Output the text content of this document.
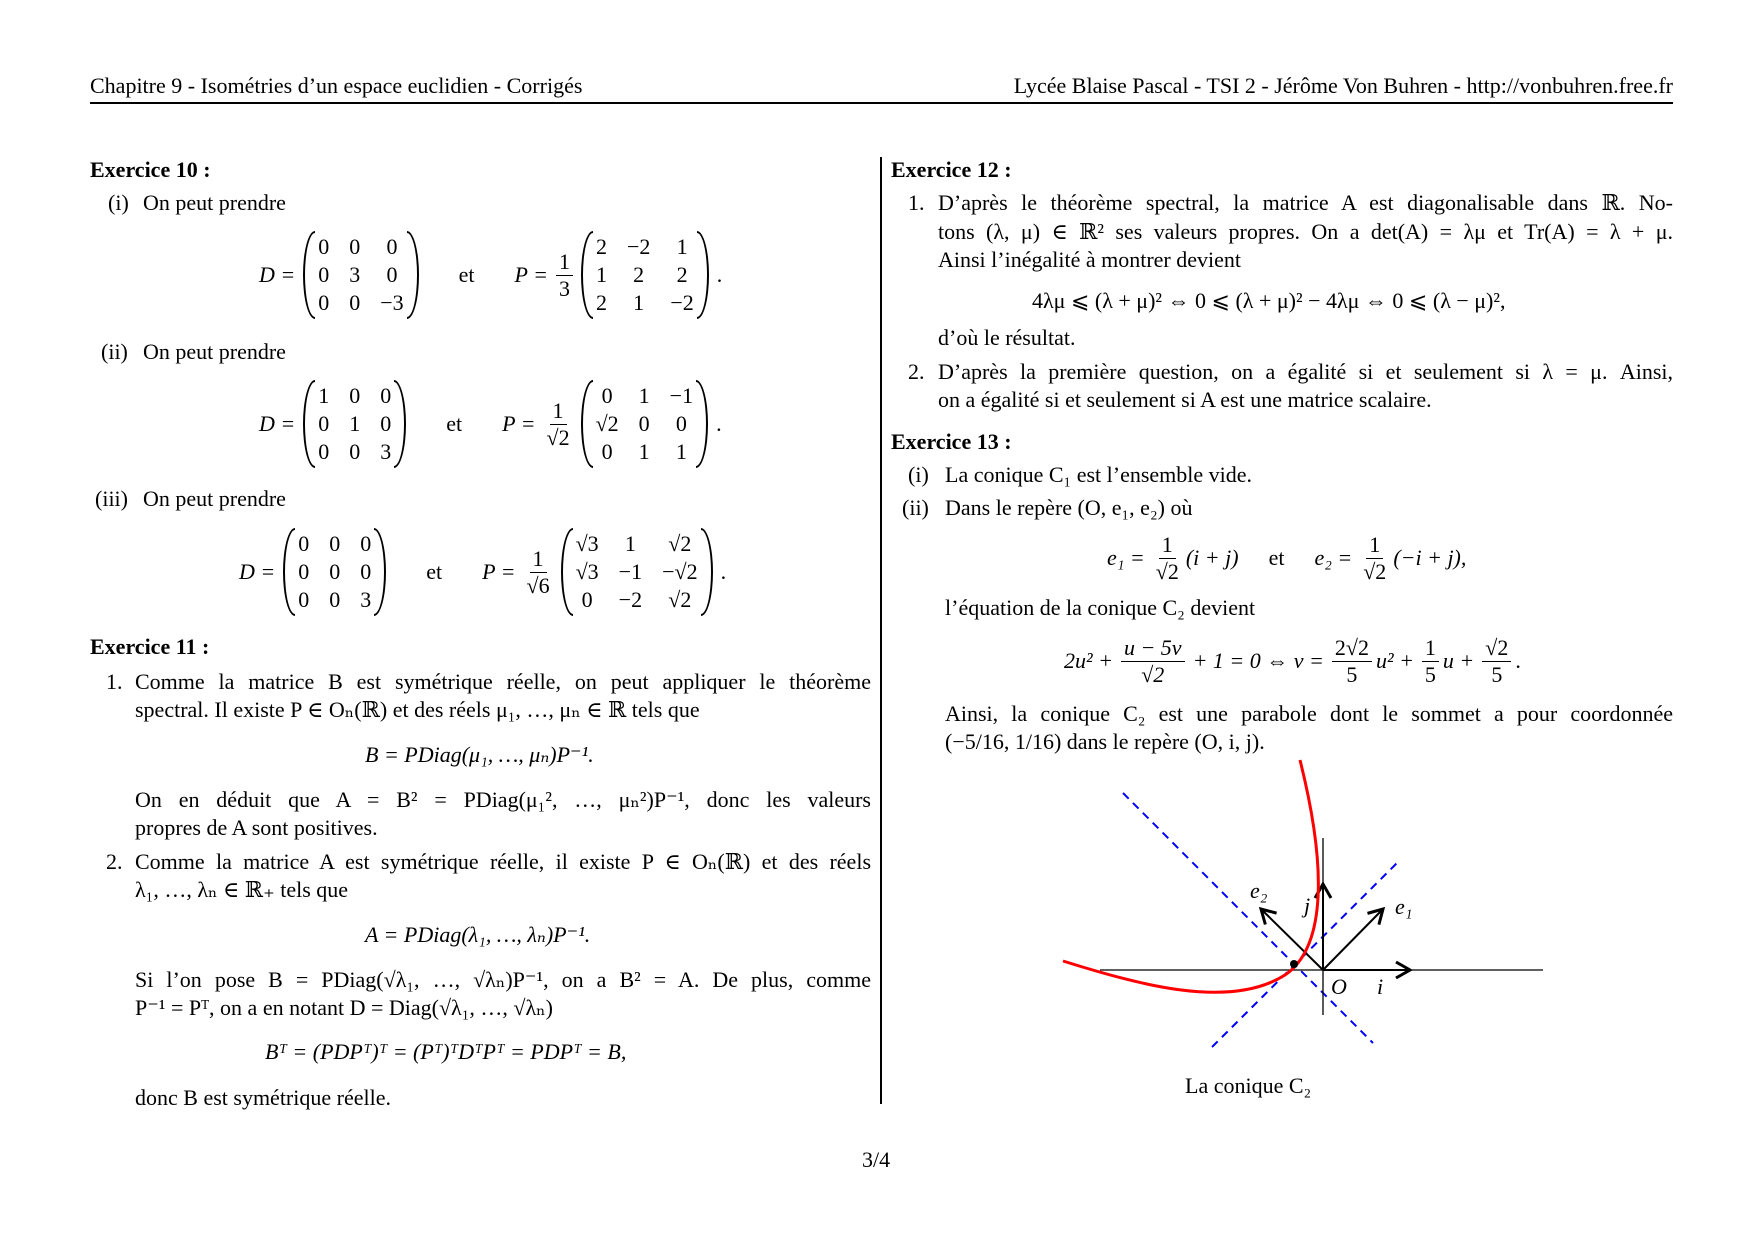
Chapitre 9 - Isométries d’un espace euclidien - Corrigés	Lycée Blaise Pascal - TSI 2 - Jérôme Von Buhren - http://vonbuhren.free.fr
Exercice 10 :
(i) On peut prendre
D =
0 0 0
0 3 0
0 0 −3
et $P = \frac{1}{3}$
2 −2 1
1 2 2
2 1 −2
.
(ii) On peut prendre
D =
1 0 0
0 1 0
0 0 3
et $P = \frac{1}{√2}$
0 1 −1
√2 0 0
0 1 1
.
(iii) On peut prendre
D =
0 0 0
0 0 0
0 0 3
et $P = \frac{1}{√6}$
√3 1 √2
√3 −1 −√2
0 −2 √2
.
Exercice 11 :
1. Comme la matrice B est symétrique réelle, on peut appliquer le théorème
spectral. Il existe P ∈ Oₙ(ℝ) et des réels μ₁, …, μₙ ∈ ℝ tels que
B = PDiag(μ₁, …, μₙ)P⁻¹.
On en déduit que A = B² = PDiag(μ₁², …, μₙ²)P⁻¹, donc les valeurs
propres de A sont positives.
2. Comme la matrice A est symétrique réelle, il existe P ∈ Oₙ(ℝ) et des réels
λ₁, …, λₙ ∈ ℝ₊ tels que
A = PDiag(λ₁, …, λₙ)P⁻¹.
Si l’on pose B = PDiag(√λ₁, …, √λₙ)P⁻¹, on a B² = A. De plus, comme
P⁻¹ = Pᵀ, on a en notant D = Diag(√λ₁, …, √λₙ)
Bᵀ = (PDPᵀ)ᵀ = (Pᵀ)ᵀDᵀPᵀ = PDPᵀ = B,
donc B est symétrique réelle.
Exercice 12 :
1. D’après le théorème spectral, la matrice A est diagonalisable dans ℝ. No-
tons (λ, μ) ∈ ℝ² ses valeurs propres. On a det(A) = λμ et Tr(A) = λ + μ.
Ainsi l’inégalité à montrer devient
4λμ ⩽ (λ + μ)² ⇔ 0 ⩽ (λ + μ)² − 4λμ ⇔ 0 ⩽ (λ − μ)²,
d’où le résultat.
2. D’après la première question, on a égalité si et seulement si λ = μ. Ainsi,
on a égalité si et seulement si A est une matrice scalaire.
Exercice 13 :
(i) La conique C₁ est l’ensemble vide.
(ii) Dans le repère (O, e₁, e₂) où
$e_1 = \frac{1}{√2} (i + j)$ et $e_2 = \frac{1}{√2} (-i + j)$,
l’équation de la conique C₂ devient
$2u^2 + \frac{u - 5v}{√2} + 1 = 0$ ⇔ $v = \frac{2√2}{5} u^2 + \frac{1}{5}$ $u + \frac{√2}{5}$ .
Ainsi, la conique C₂ est une parabole dont le sommet a pour coordonnée
(−5/16, 1/16) dans le repère (O, i, j).
e₂
j	e₁
O i
La conique C₂
3/4
